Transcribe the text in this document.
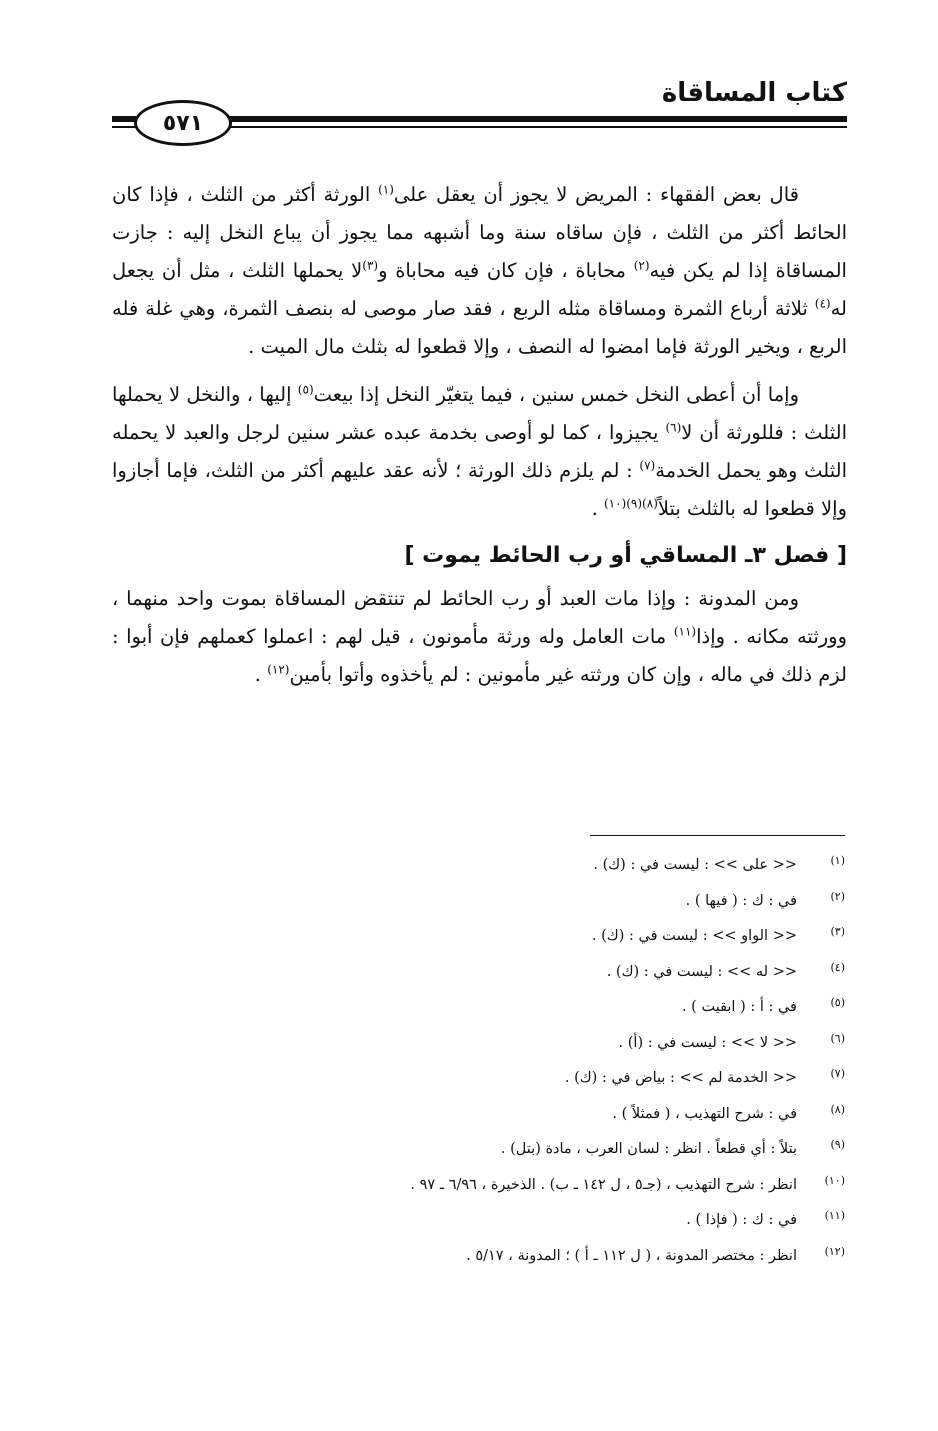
كتاب المساقاة
٥٧١

قال بعض الفقهاء : المريض لا يجوز أن يعقل على$^{(١)}$ الورثة أكثر من الثلث ، فإذا كان الحائط أكثر من الثلث ، فإن ساقاه سنة وما أشبهه مما يجوز أن يباع النخل إليه : جازت المساقاة إذا لم يكن فيه$^{(٢)}$ محاباة ، فإن كان فيه محاباة و$^{(٣)}$لا يحملها الثلث ، مثل أن يجعل له$^{(٤)}$ ثلاثة أرباع الثمرة ومساقاة مثله الربع ، فقد صار موصى له بنصف الثمرة، وهي غلة فله الربع ، ويخير الورثة فإما امضوا له النصف ، وإلا قطعوا له بثلث مال الميت .

وإما أن أعطى النخل خمس سنين ، فيما يتغيّر النخل إذا بيعت$^{(٥)}$ إليها ، والنخل لا يحملها الثلث : فللورثة أن لا$^{(٦)}$ يجيزوا ، كما لو أوصى بخدمة عبده عشر سنين لرجل والعبد لا يحمله الثلث وهو يحمل الخدمة$^{(٧)}$ : لم يلزم ذلك الورثة ؛ لأنه عقد عليهم أكثر من الثلث، فإما أجازوا وإلا قطعوا له بالثلث بتلاً$^{(٨)(٩)(١٠)}$ .

[ فصل ٣ـ المساقي أو رب الحائط يموت ]

ومن المدونة : وإذا مات العبد أو رب الحائط لم تنتقض المساقاة بموت واحد منهما ، وورثته مكانه . وإذا$^{(١١)}$ مات العامل وله ورثة مأمونون ، قيل لهم : اعملوا كعملهم فإن أبوا : لزم ذلك في ماله ، وإن كان ورثته غير مأمونين : لم يأخذوه وأتوا بأمين$^{(١٢)}$ .

(١)
<< على >> : ليست في : (ك) .
(٢)
في : ك : ( فيها ) .
(٣)
<< الواو >> : ليست في : (ك) .
(٤)
<< له >> : ليست في : (ك) .
(٥)
في : أ : ( ابقيت ) .
(٦)
<< لا >> : ليست في : (أ) .
(٧)
<< الخدمة لم >> : بياض في : (ك) .
(٨)
في : شرح التهذيب ، ( فمثلاً ) .
(٩)
بتلاً : أي قطعاً . انظر : لسان العرب ، مادة (بتل) .
(١٠)
انظر : شرح التهذيب ، (جـ٥ ، ل ١٤٢ ـ ب) . الذخيرة ، ٦/٩٦ ـ ٩٧ .
(١١)
في : ك : ( فإذا ) .
(١٢)
انظر : مختصر المدونة ، ( ل ١١٢ ـ أ ) ؛ المدونة ، ٥/١٧ .
